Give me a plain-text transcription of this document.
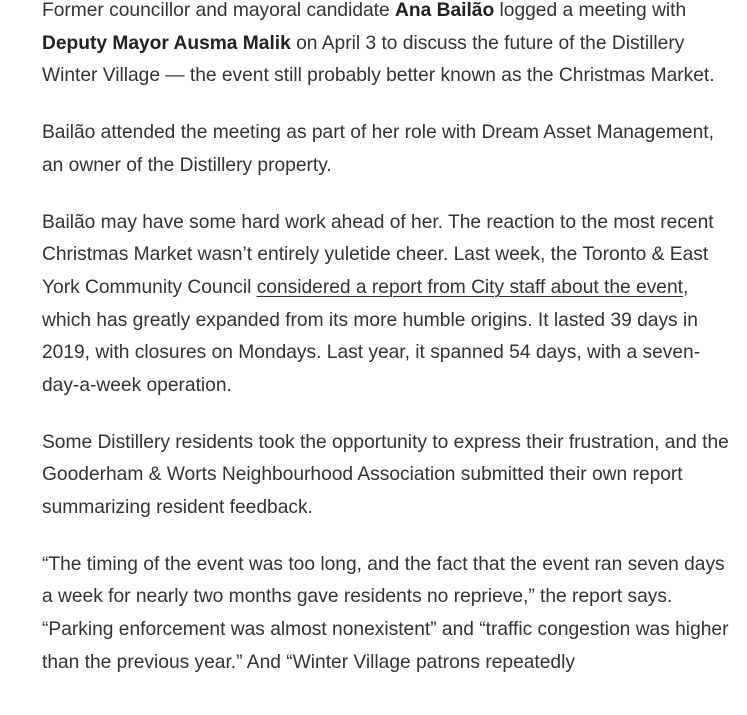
Former councillor and mayoral candidate Ana Bailão logged a meeting with Deputy Mayor Ausma Malik on April 3 to discuss the future of the Distillery Winter Village — the event still probably better known as the Christmas Market.

Bailão attended the meeting as part of her role with Dream Asset Management, an owner of the Distillery property.

Bailão may have some hard work ahead of her. The reaction to the most recent Christmas Market wasn’t entirely yuletide cheer. Last week, the Toronto & East York Community Council considered a report from City staff about the event, which has greatly expanded from its more humble origins. It lasted 39 days in 2019, with closures on Mondays. Last year, it spanned 54 days, with a seven-day-a-week operation.

Some Distillery residents took the opportunity to express their frustration, and the Gooderham & Worts Neighbourhood Association submitted their own report summarizing resident feedback.

“The timing of the event was too long, and the fact that the event ran seven days a week for nearly two months gave residents no reprieve,” the report says. “Parking enforcement was almost nonexistent” and “traffic congestion was higher than the previous year.” And “Winter Village patrons repeatedly
